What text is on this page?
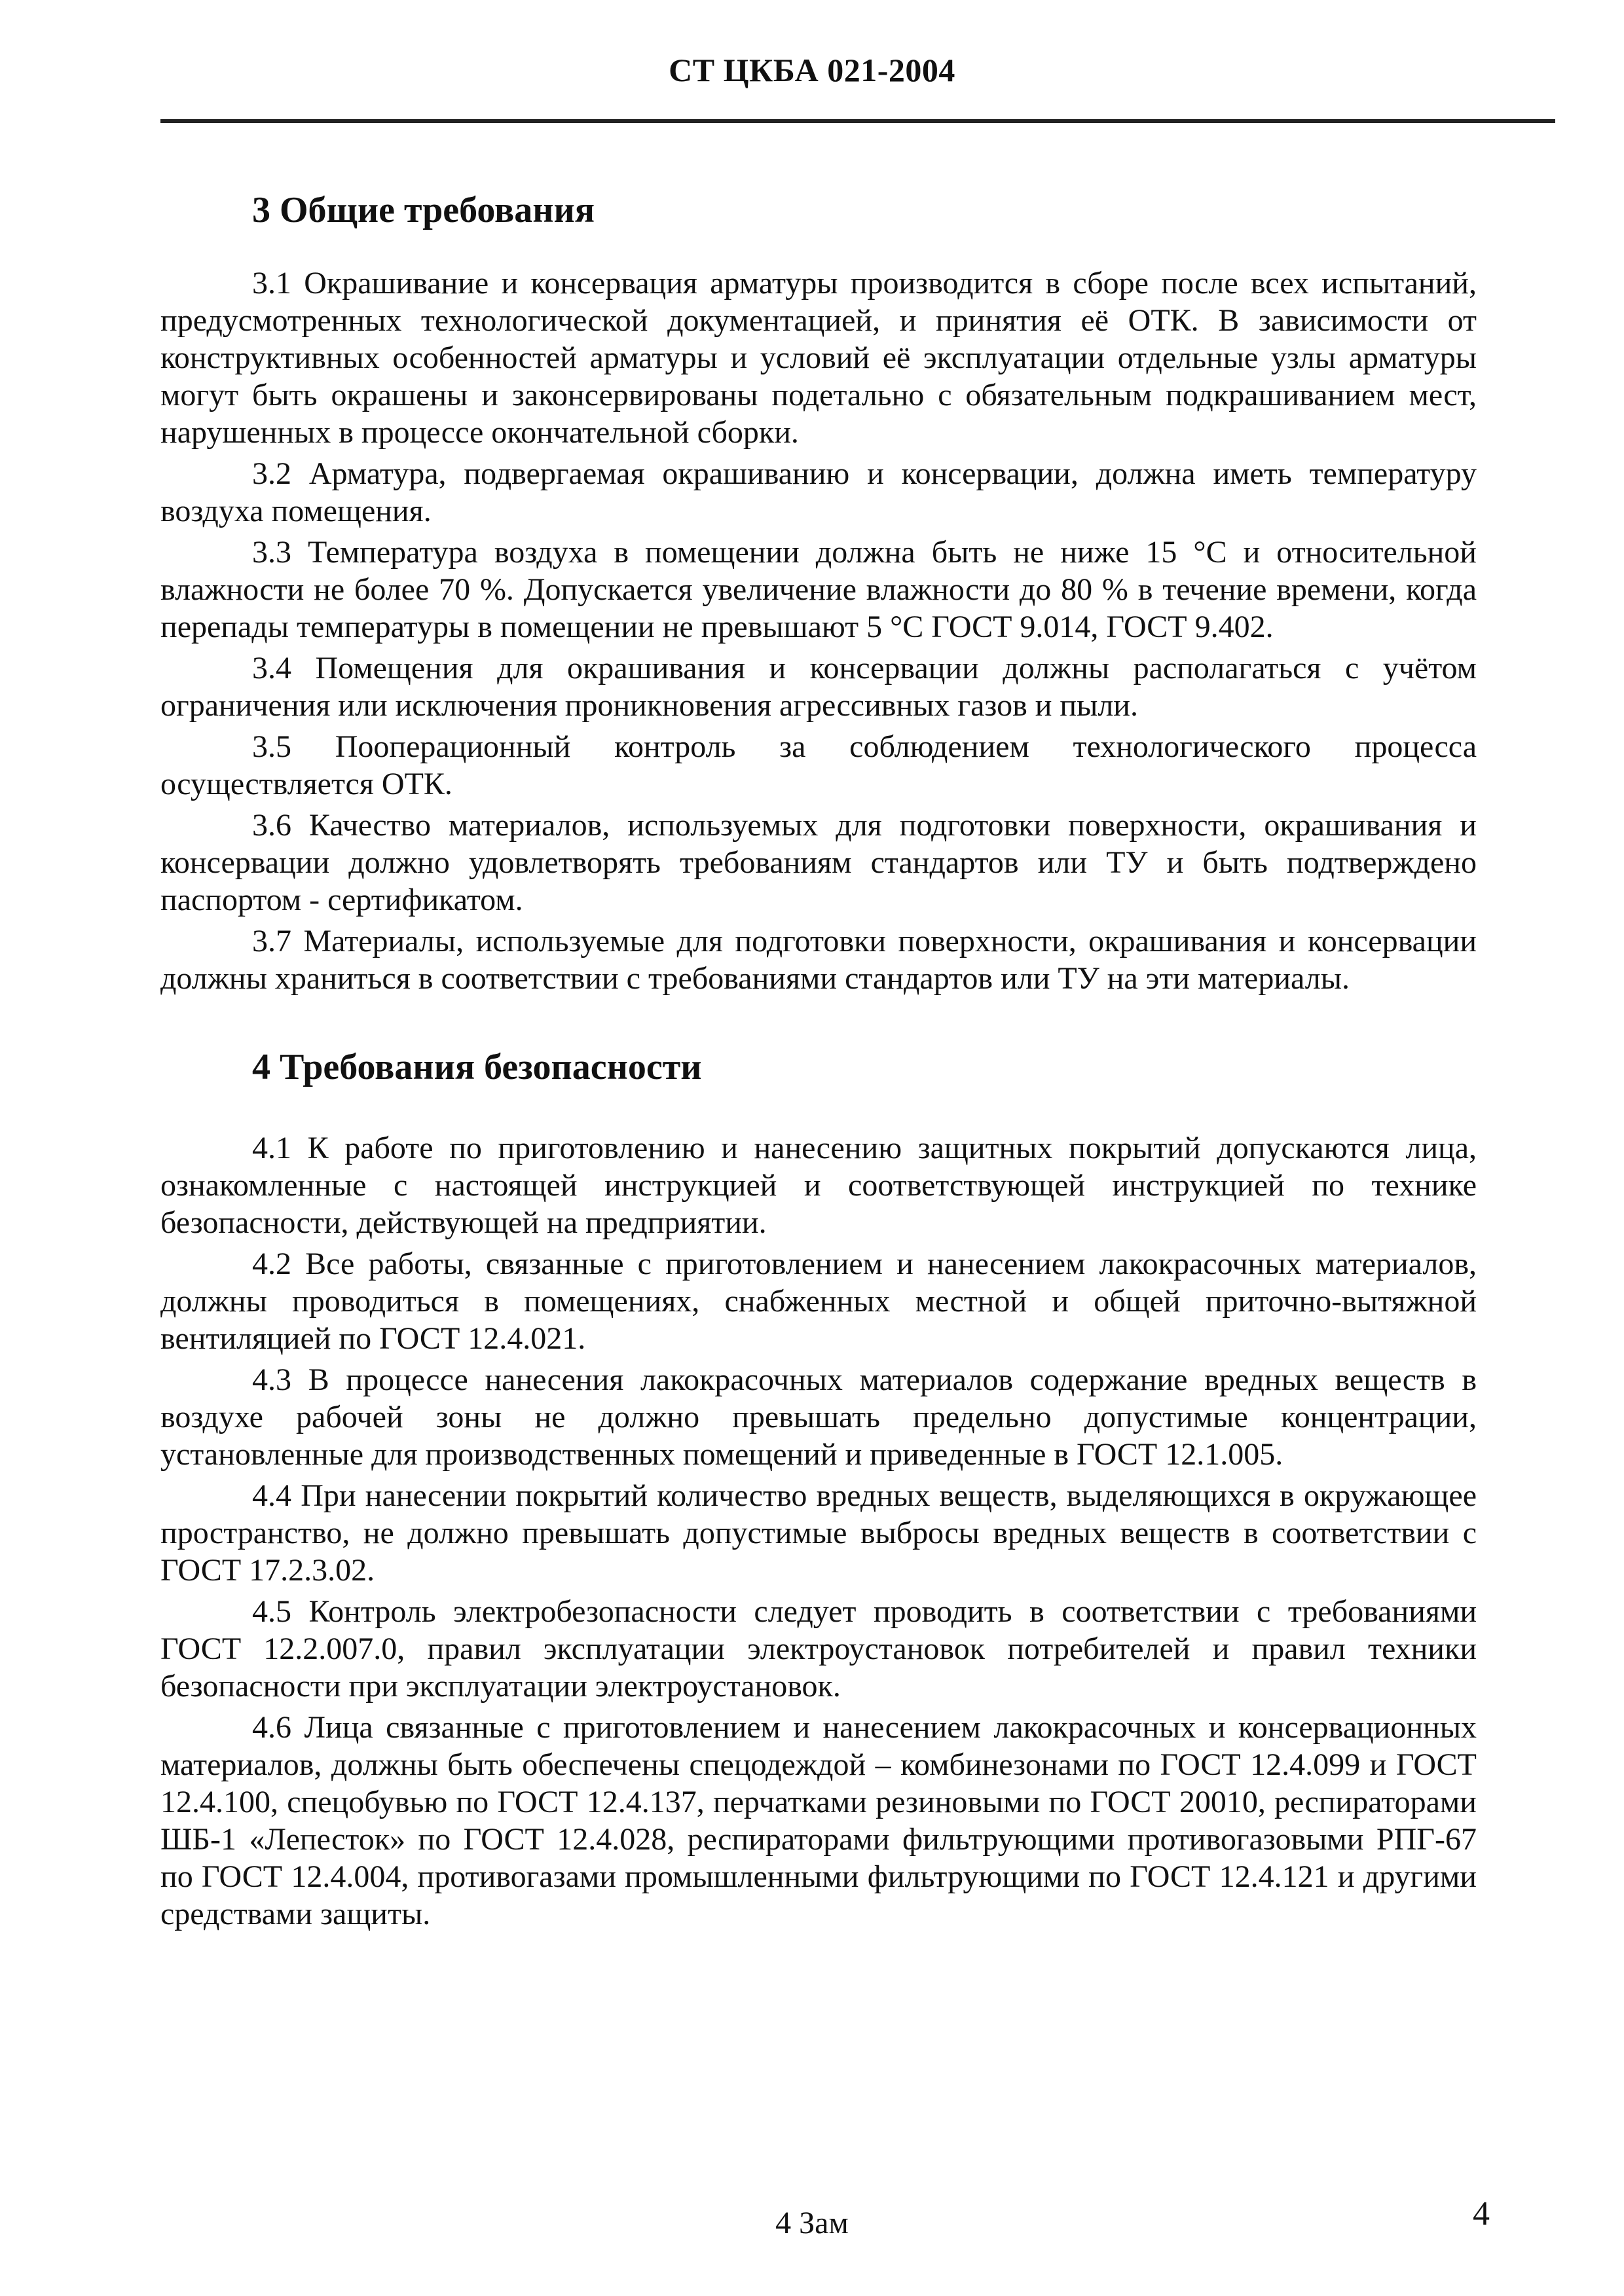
СТ ЦКБА 021-2004
3 Общие требования

3.1 Окрашивание и консервация арматуры производится в сборе после всех испытаний, предусмотренных технологической документацией, и принятия её ОТК. В зависимости от конструктивных особенностей арматуры и условий её эксплуатации отдельные узлы арматуры могут быть окрашены и законсервированы подетально с обязательным подкрашиванием мест, нарушенных в процессе окончательной сборки.

3.2 Арматура, подвергаемая окрашиванию и консервации, должна иметь температуру воздуха помещения.

3.3 Температура воздуха в помещении должна быть не ниже 15 °С и относительной влажности не более 70 %. Допускается увеличение влажности до 80 % в течение времени, когда перепады температуры в помещении не превышают 5 °С ГОСТ 9.014, ГОСТ 9.402.

3.4 Помещения для окрашивания и консервации должны располагаться с учётом ограничения или исключения проникновения агрессивных газов и пыли.

3.5 Пооперационный контроль за соблюдением технологического процесса осуществляется ОТК.

3.6 Качество материалов, используемых для подготовки поверхности, окрашивания и консервации должно удовлетворять требованиям стандартов или ТУ и быть подтверждено паспортом - сертификатом.

3.7 Материалы, используемые для подготовки поверхности, окрашивания и консервации должны храниться в соответствии с требованиями стандартов или ТУ на эти материалы.

4 Требования безопасности

4.1 К работе по приготовлению и нанесению защитных покрытий допускаются лица, ознакомленные с настоящей инструкцией и соответствующей инструкцией по технике безопасности, действующей на предприятии.

4.2 Все работы, связанные с приготовлением и нанесением лакокрасочных материалов, должны проводиться в помещениях, снабженных местной и общей приточно-вытяжной вентиляцией по ГОСТ 12.4.021.

4.3 В процессе нанесения лакокрасочных материалов содержание вредных веществ в воздухе рабочей зоны не должно превышать предельно допустимые концентрации, установленные для производственных помещений и приведенные в ГОСТ 12.1.005.

4.4 При нанесении покрытий количество вредных веществ, выделяющихся в окружающее пространство, не должно превышать допустимые выбросы вредных веществ в соответствии с ГОСТ 17.2.3.02.

4.5 Контроль электробезопасности следует проводить в соответствии с требованиями ГОСТ 12.2.007.0, правил эксплуатации электроустановок потребителей и правил техники безопасности при эксплуатации электроустановок.

4.6 Лица связанные с приготовлением и нанесением лакокрасочных и консервационных материалов, должны быть обеспечены спецодеждой – комбинезонами по ГОСТ 12.4.099 и ГОСТ 12.4.100, спецобувью по ГОСТ 12.4.137, перчатками резиновыми по ГОСТ 20010, респираторами ШБ-1 «Лепесток» по ГОСТ 12.4.028, респираторами фильтрующими противогазовыми РПГ-67 по ГОСТ 12.4.004, противогазами промышленными фильтрующими по ГОСТ 12.4.121 и другими средствами защиты.

4 Зам	4
